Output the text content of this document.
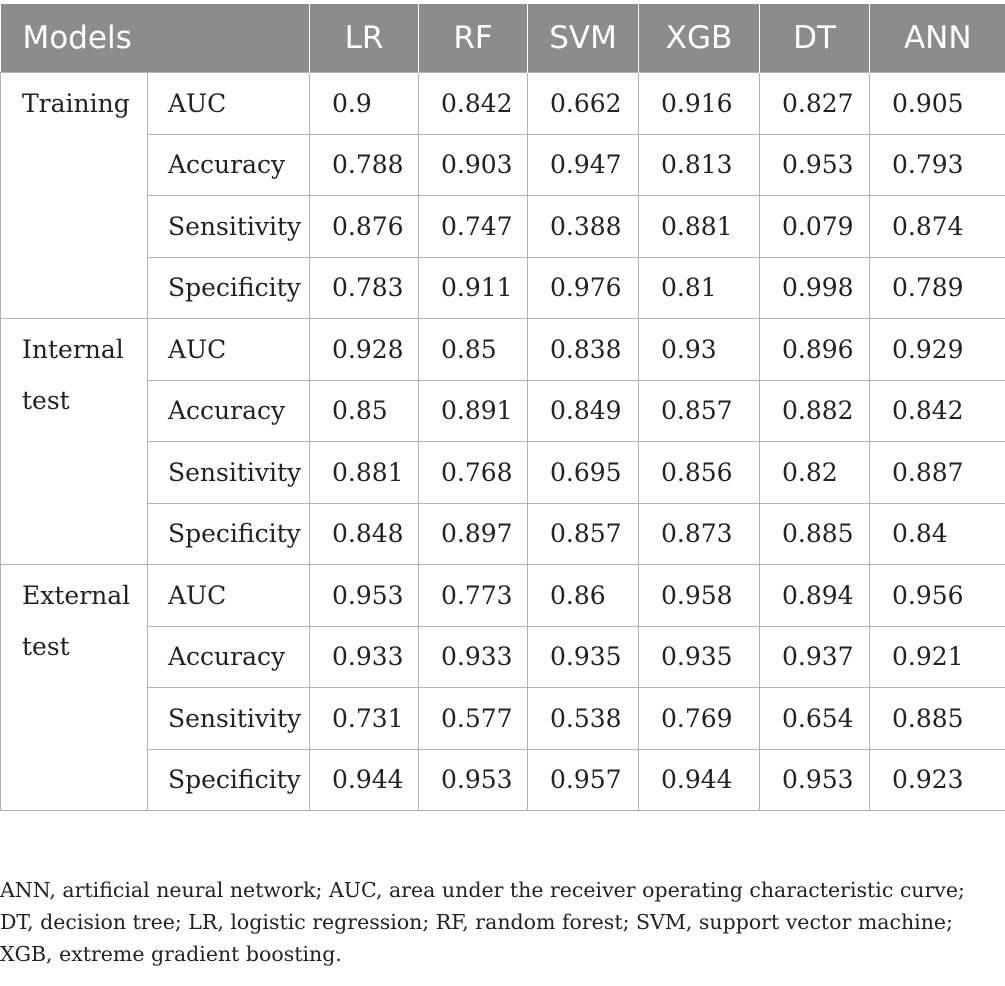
Models		LR	RF	SVM	XGB	DT	ANN
Training	AUC	0.9	0.842	0.662	0.916	0.827	0.905
	Accuracy	0.788	0.903	0.947	0.813	0.953	0.793
	Sensitivity	0.876	0.747	0.388	0.881	0.079	0.874
	Specificity	0.783	0.911	0.976	0.81	0.998	0.789
Internal test	AUC	0.928	0.85	0.838	0.93	0.896	0.929
	Accuracy	0.85	0.891	0.849	0.857	0.882	0.842
	Sensitivity	0.881	0.768	0.695	0.856	0.82	0.887
	Specificity	0.848	0.897	0.857	0.873	0.885	0.84
External test	AUC	0.953	0.773	0.86	0.958	0.894	0.956
	Accuracy	0.933	0.933	0.935	0.935	0.937	0.921
	Sensitivity	0.731	0.577	0.538	0.769	0.654	0.885
	Specificity	0.944	0.953	0.957	0.944	0.953	0.923
ANN, artificial neural network; AUC, area under the receiver operating characteristic curve; DT, decision tree; LR, logistic regression; RF, random forest; SVM, support vector machine; XGB, extreme gradient boosting.
